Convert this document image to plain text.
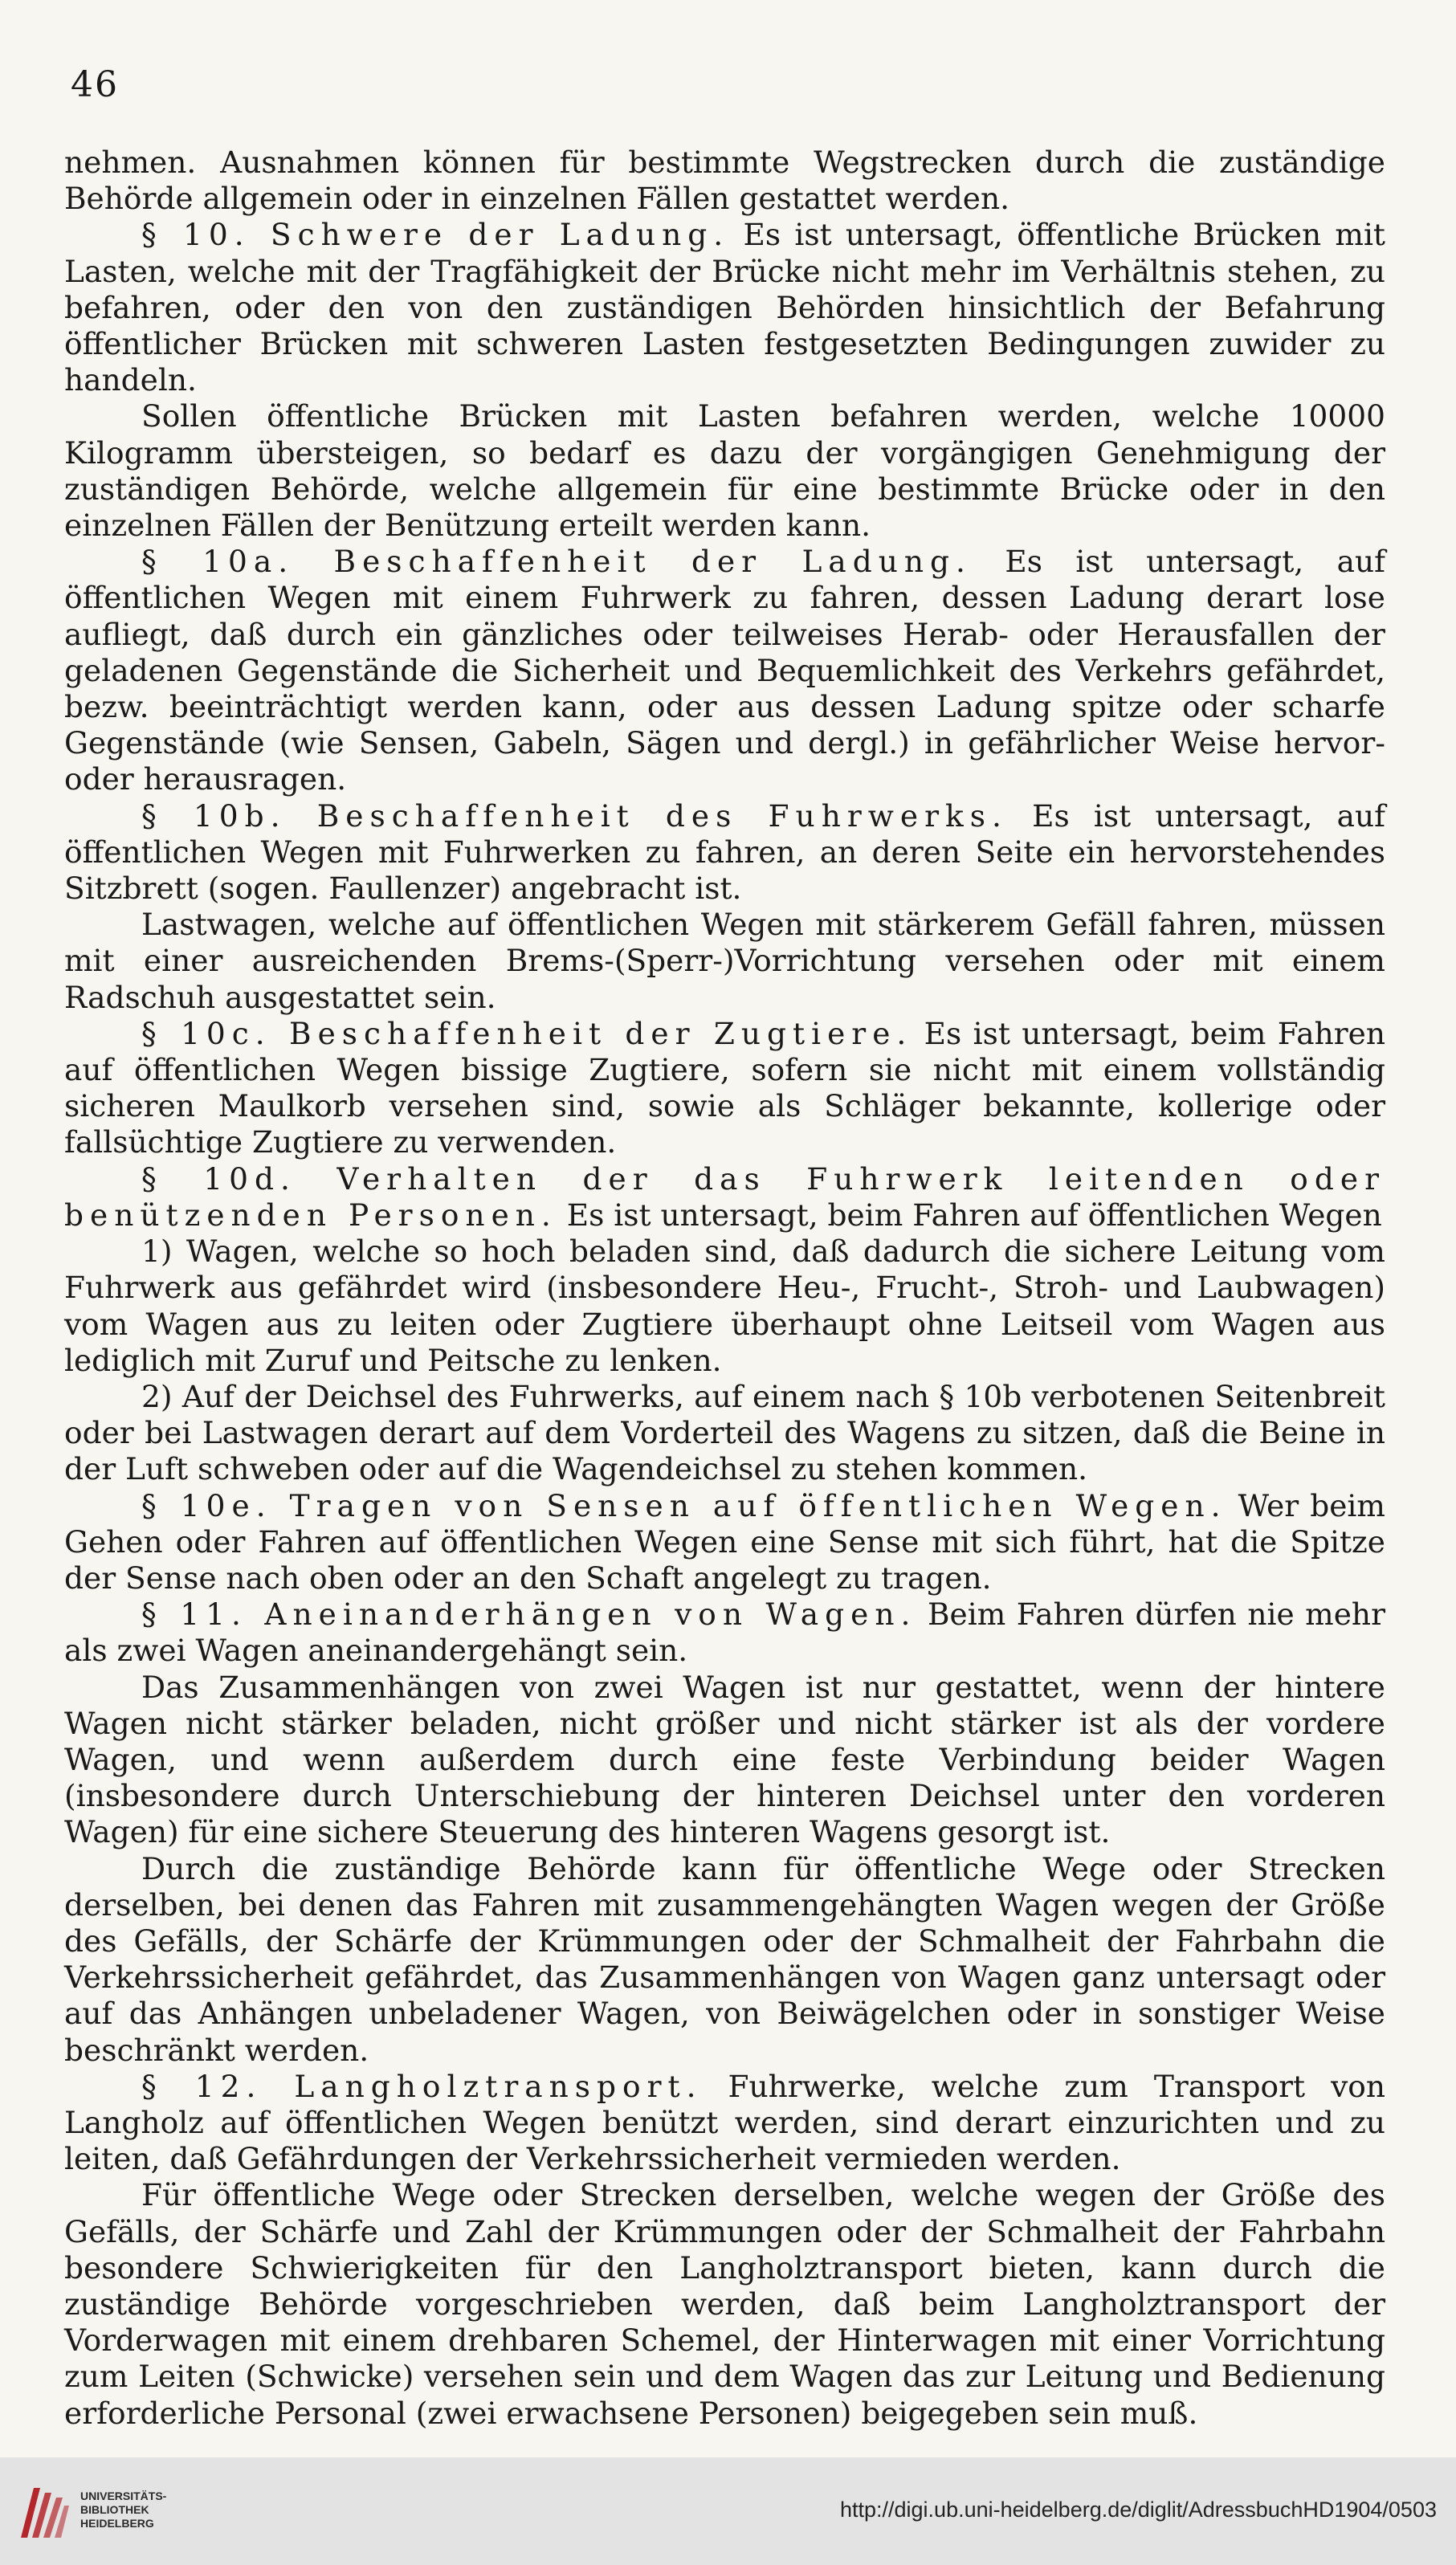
46

nehmen. Ausnahmen können für bestimmte Wegstrecken durch die zuständige Behörde allgemein oder in einzelnen Fällen gestattet werden.

§ 10. Schwere der Ladung. Es ist untersagt, öffentliche Brücken mit Lasten, welche mit der Tragfähigkeit der Brücke nicht mehr im Verhältnis stehen, zu befahren, oder den von den zuständigen Behörden hinsichtlich der Befahrung öffentlicher Brücken mit schweren Lasten festgesetzten Bedingungen zuwider zu handeln.

Sollen öffentliche Brücken mit Lasten befahren werden, welche 10000 Kilogramm übersteigen, so bedarf es dazu der vorgängigen Genehmigung der zuständigen Behörde, welche allgemein für eine bestimmte Brücke oder in den einzelnen Fällen der Benützung erteilt werden kann.

§ 10a. Beschaffenheit der Ladung. Es ist untersagt, auf öffentlichen Wegen mit einem Fuhrwerk zu fahren, dessen Ladung derart lose aufliegt, daß durch ein gänzliches oder teilweises Herab- oder Herausfallen der geladenen Gegenstände die Sicherheit und Bequemlichkeit des Verkehrs gefährdet, bezw. beeinträchtigt werden kann, oder aus dessen Ladung spitze oder scharfe Gegenstände (wie Sensen, Gabeln, Sägen und dergl.) in gefährlicher Weise hervor- oder herausragen.

§ 10b. Beschaffenheit des Fuhrwerks. Es ist untersagt, auf öffentlichen Wegen mit Fuhrwerken zu fahren, an deren Seite ein hervorstehendes Sitzbrett (sogen. Faullenzer) angebracht ist.

Lastwagen, welche auf öffentlichen Wegen mit stärkerem Gefäll fahren, müssen mit einer ausreichenden Brems-(Sperr-)Vorrichtung versehen oder mit einem Radschuh ausgestattet sein.

§ 10c. Beschaffenheit der Zugtiere. Es ist untersagt, beim Fahren auf öffentlichen Wegen bissige Zugtiere, sofern sie nicht mit einem vollständig sicheren Maulkorb versehen sind, sowie als Schläger bekannte, kollerige oder fallsüchtige Zugtiere zu verwenden.

§ 10d. Verhalten der das Fuhrwerk leitenden oder benützenden Personen. Es ist untersagt, beim Fahren auf öffentlichen Wegen

1) Wagen, welche so hoch beladen sind, daß dadurch die sichere Leitung vom Fuhrwerk aus gefährdet wird (insbesondere Heu-, Frucht-, Stroh- und Laubwagen) vom Wagen aus zu leiten oder Zugtiere überhaupt ohne Leitseil vom Wagen aus lediglich mit Zuruf und Peitsche zu lenken.

2) Auf der Deichsel des Fuhrwerks, auf einem nach § 10b verbotenen Seitenbreit oder bei Lastwagen derart auf dem Vorderteil des Wagens zu sitzen, daß die Beine in der Luft schweben oder auf die Wagendeichsel zu stehen kommen.

§ 10e. Tragen von Sensen auf öffentlichen Wegen. Wer beim Gehen oder Fahren auf öffentlichen Wegen eine Sense mit sich führt, hat die Spitze der Sense nach oben oder an den Schaft angelegt zu tragen.

§ 11. Aneinanderhängen von Wagen. Beim Fahren dürfen nie mehr als zwei Wagen aneinandergehängt sein.

Das Zusammenhängen von zwei Wagen ist nur gestattet, wenn der hintere Wagen nicht stärker beladen, nicht größer und nicht stärker ist als der vordere Wagen, und wenn außerdem durch eine feste Verbindung beider Wagen (insbesondere durch Unterschiebung der hinteren Deichsel unter den vorderen Wagen) für eine sichere Steuerung des hinteren Wagens gesorgt ist.

Durch die zuständige Behörde kann für öffentliche Wege oder Strecken derselben, bei denen das Fahren mit zusammengehängten Wagen wegen der Größe des Gefälls, der Schärfe der Krümmungen oder der Schmalheit der Fahrbahn die Verkehrssicherheit gefährdet, das Zusammenhängen von Wagen ganz untersagt oder auf das Anhängen unbeladener Wagen, von Beiwägelchen oder in sonstiger Weise beschränkt werden.

§ 12. Langholztransport. Fuhrwerke, welche zum Transport von Langholz auf öffentlichen Wegen benützt werden, sind derart einzurichten und zu leiten, daß Gefährdungen der Verkehrssicherheit vermieden werden.

Für öffentliche Wege oder Strecken derselben, welche wegen der Größe des Gefälls, der Schärfe und Zahl der Krümmungen oder der Schmalheit der Fahrbahn besondere Schwierigkeiten für den Langholztransport bieten, kann durch die zuständige Behörde vorgeschrieben werden, daß beim Langholztransport der Vorderwagen mit einem drehbaren Schemel, der Hinterwagen mit einer Vorrichtung zum Leiten (Schwicke) versehen sein und dem Wagen das zur Leitung und Bedienung erforderliche Personal (zwei erwachsene Personen) beigegeben sein muß.

UNIVERSITÄTS-
BIBLIOTHEK
HEIDELBERG
http://digi.ub.uni-heidelberg.de/diglit/AdressbuchHD1904/0503
